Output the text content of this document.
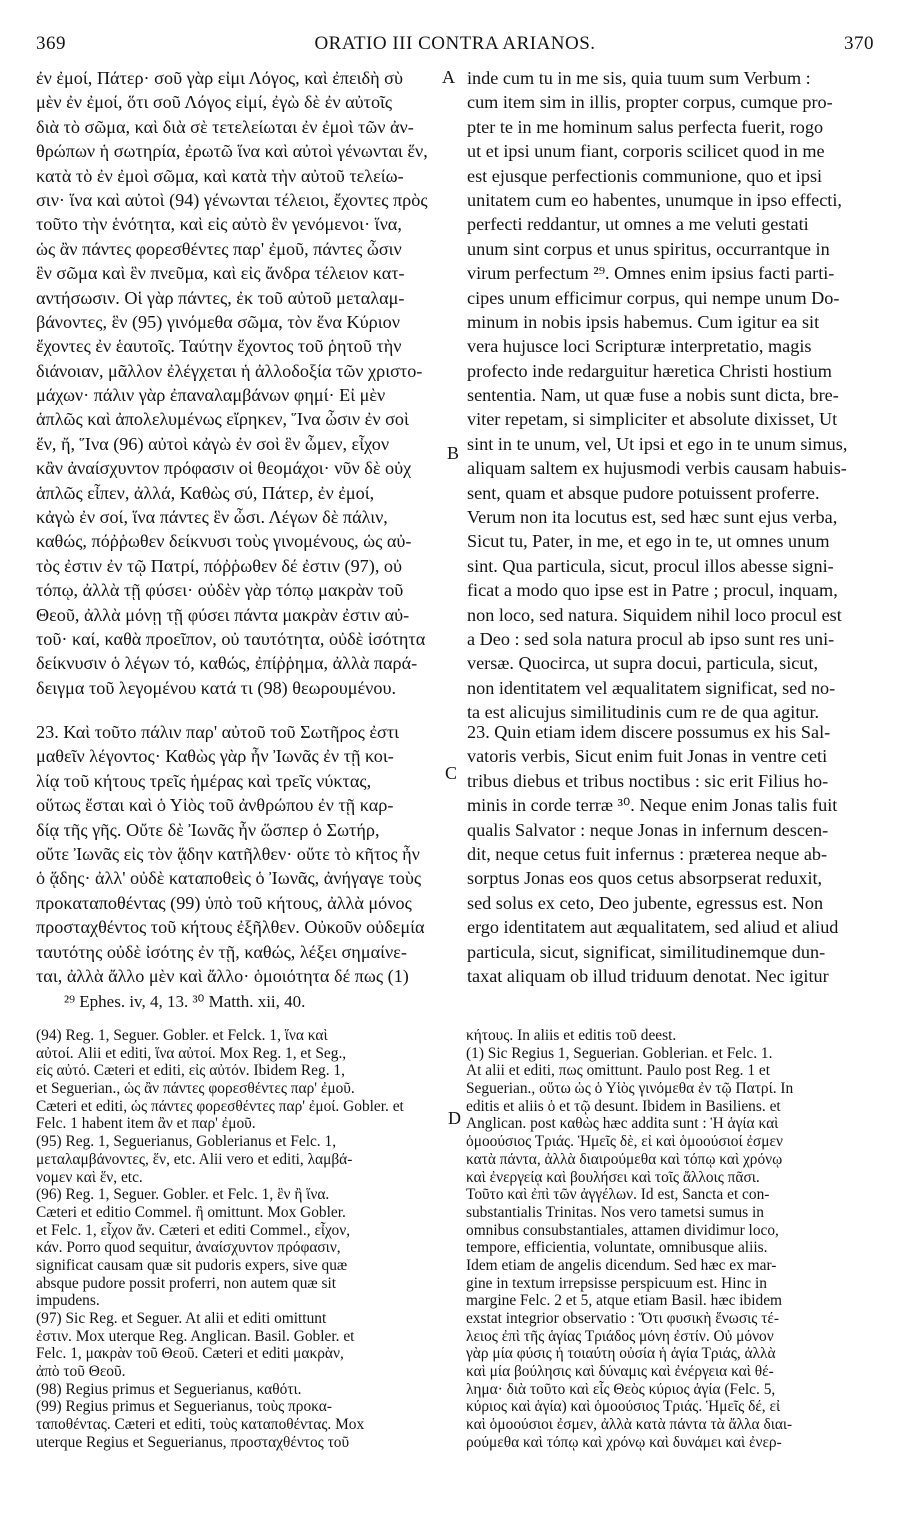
369	ORATIO III CONTRA ARIANOS.	370
ἐν ἐμοί, Πάτερ· σοῦ γὰρ εἰμι Λόγος, καὶ ἐπειδὴ σὺ
μὲν ἐν ἐμοί, ὅτι σοῦ Λόγος εἰμί, ἐγὼ δὲ ἐν αὐτοῖς
διὰ τὸ σῶμα, καὶ διὰ σὲ τετελείωται ἐν ἐμοὶ τῶν ἀν-
θρώπων ἡ σωτηρία, ἐρωτῶ ἵνα καὶ αὐτοὶ γένωνται ἕν,
κατὰ τὸ ἐν ἐμοὶ σῶμα, καὶ κατὰ τὴν αὐτοῦ τελείω-
σιν· ἵνα καὶ αὐτοὶ (94) γένωνται τέλειοι, ἔχοντες πρὸς
τοῦτο τὴν ἑνότητα, καὶ εἰς αὐτὸ ἓν γενόμενοι· ἵνα,
ὡς ἂν πάντες φορεσθέντες παρ' ἐμοῦ, πάντες ὦσιν
ἓν σῶμα καὶ ἓν πνεῦμα, καὶ εἰς ἄνδρα τέλειον κατ-
αντήσωσιν. Οἱ γὰρ πάντες, ἐκ τοῦ αὐτοῦ μεταλαμ-
βάνοντες, ἓν (95) γινόμεθα σῶμα, τὸν ἕνα Κύριον
ἔχοντες ἐν ἑαυτοῖς. Ταύτην ἔχοντος τοῦ ῥητοῦ τὴν
διάνοιαν, μᾶλλον ἐλέγχεται ἡ ἀλλοδοξία τῶν χριστο-
μάχων· πάλιν γὰρ ἐπαναλαμβάνων φημί· Εἰ μὲν
ἁπλῶς καὶ ἀπολελυμένως εἴρηκεν, Ἵνα ὦσιν ἐν σοὶ
ἕν, ἤ, Ἵνα (96) αὐτοὶ κἀγὼ ἐν σοὶ ἓν ὦμεν, εἶχον
κἂν ἀναίσχυντον πρόφασιν οἱ θεομάχοι· νῦν δὲ οὐχ
ἁπλῶς εἶπεν, ἀλλά, Καθὼς σύ, Πάτερ, ἐν ἐμοί,
κἀγὼ ἐν σοί, ἵνα πάντες ἓν ὦσι. Λέγων δὲ πάλιν,
καθώς, πόῤῥωθεν δείκνυσι τοὺς γινομένους, ὡς αὐ-
τὸς ἐστιν ἐν τῷ Πατρί, πόῤῥωθεν δέ ἐστιν (97), οὐ
τόπῳ, ἀλλὰ τῇ φύσει· οὐδὲν γὰρ τόπῳ μακρὰν τοῦ
Θεοῦ, ἀλλὰ μόνῃ τῇ φύσει πάντα μακρὰν ἐστιν αὐ-
τοῦ· καί, καθὰ προεῖπον, οὐ ταυτότητα, οὐδὲ ἰσότητα
δείκνυσιν ὁ λέγων τό, καθώς, ἐπίῤῥημα, ἀλλὰ παρά-
δειγμα τοῦ λεγομένου κατά τι (98) θεωρουμένου.
inde cum tu in me sis, quia tuum sum Verbum :
cum item sim in illis, propter corpus, cumque pro-
pter te in me hominum salus perfecta fuerit, rogo
ut et ipsi unum fiant, corporis scilicet quod in me
est ejusque perfectionis communione, quo et ipsi
unitatem cum eo habentes, unumque in ipso effecti,
perfecti reddantur, ut omnes a me veluti gestati
unum sint corpus et unus spiritus, occurrantque in
virum perfectum ²⁹. Omnes enim ipsius facti parti-
cipes unum efficimur corpus, qui nempe unum Do-
minum in nobis ipsis habemus. Cum igitur ea sit
vera hujusce loci Scripturæ interpretatio, magis
profecto inde redarguitur hæretica Christi hostium
sententia. Nam, ut quæ fuse a nobis sunt dicta, bre-
viter repetam, si simpliciter et absolute dixisset, Ut
sint in te unum, vel, Ut ipsi et ego in te unum simus,
aliquam saltem ex hujusmodi verbis causam habuis-
sent, quam et absque pudore potuissent proferre.
Verum non ita locutus est, sed hæc sunt ejus verba,
Sicut tu, Pater, in me, et ego in te, ut omnes unum
sint. Qua particula, sicut, procul illos abesse signi-
ficat a modo quo ipse est in Patre ; procul, inquam,
non loco, sed natura. Siquidem nihil loco procul est
a Deo : sed sola natura procul ab ipso sunt res uni-
versæ. Quocirca, ut supra docui, particula, sicut,
non identitatem vel æqualitatem significat, sed no-
ta est alicujus similitudinis cum re de qua agitur.
23. Καὶ τοῦτο πάλιν παρ' αὐτοῦ τοῦ Σωτῆρος ἐστι
μαθεῖν λέγοντος· Καθὼς γὰρ ἦν Ἰωνᾶς ἐν τῇ κοι-
λίᾳ τοῦ κήτους τρεῖς ἡμέρας καὶ τρεῖς νύκτας,
οὕτως ἔσται καὶ ὁ Υἱὸς τοῦ ἀνθρώπου ἐν τῇ καρ-
δίᾳ τῆς γῆς. Οὔτε δὲ Ἰωνᾶς ἦν ὥσπερ ὁ Σωτήρ,
οὔτε Ἰωνᾶς εἰς τὸν ᾅδην κατῆλθεν· οὔτε τὸ κῆτος ἦν
ὁ ᾅδης· ἀλλ' οὐδὲ καταποθεὶς ὁ Ἰωνᾶς, ἀνήγαγε τοὺς
προκαταποθέντας (99) ὑπὸ τοῦ κήτους, ἀλλὰ μόνος
προσταχθέντος τοῦ κήτους ἐξῆλθεν. Οὐκοῦν οὐδεμία
ταυτότης οὐδὲ ἰσότης ἐν τῇ, καθώς, λέξει σημαίνε-
ται, ἀλλὰ ἄλλο μὲν καὶ ἄλλο· ὁμοιότητα δέ πως (1)
23. Quin etiam idem discere possumus ex his Sal-
vatoris verbis, Sicut enim fuit Jonas in ventre ceti
tribus diebus et tribus noctibus : sic erit Filius ho-
minis in corde terræ ³⁰. Neque enim Jonas talis fuit
qualis Salvator : neque Jonas in infernum descen-
dit, neque cetus fuit infernus : præterea neque ab-
sorptus Jonas eos quos cetus absorpserat reduxit,
sed solus ex ceto, Deo jubente, egressus est. Non
ergo identitatem aut æqualitatem, sed aliud et aliud
particula, sicut, significat, similitudinemque dun-
taxat aliquam ob illud triduum denotat. Nec igitur
A
B
C
D
²⁹ Ephes. iv, 4, 13. ³⁰ Matth. xii, 40.
(94) Reg. 1, Seguer. Gobler. et Felck. 1, ἵνα καὶ
αὐτοί. Alii et editi, ἵνα αὐτοί. Mox Reg. 1, et Seg.,
εἰς αὐτό. Cæteri et editi, εἰς αὐτόν. Ibidem Reg. 1,
et Seguerian., ὡς ἂν πάντες φορεσθέντες παρ' ἐμοῦ.
Cæteri et editi, ὡς πάντες φορεσθέντες παρ' ἐμοί. Gobler. et
Felc. 1 habent item ἂν et παρ' ἐμοῦ.
(95) Reg. 1, Seguerianus, Goblerianus et Felc. 1,
μεταλαμβάνοντες, ἕν, etc. Alii vero et editi, λαμβά-
νομεν καὶ ἕν, etc.
(96) Reg. 1, Seguer. Gobler. et Felc. 1, ἓν ἢ ἵνα.
Cæteri et editio Commel. ἢ omittunt. Mox Gobler.
et Felc. 1, εἶχον ἄν. Cæteri et editi Commel., εἶχον,
κάν. Porro quod sequitur, ἀναίσχυντον πρόφασιν,
significat causam quæ sit pudoris expers, sive quæ
absque pudore possit proferri, non autem quæ sit
impudens.
(97) Sic Reg. et Seguer. At alii et editi omittunt
ἐστιν. Mox uterque Reg. Anglican. Basil. Gobler. et
Felc. 1, μακρὰν τοῦ Θεοῦ. Cæteri et editi μακρὰν,
ἀπὸ τοῦ Θεοῦ.
(98) Regius primus et Seguerianus, καθότι.
(99) Regius primus et Seguerianus, τοὺς προκα-
ταποθέντας. Cæteri et editi, τοὺς καταποθέντας. Mox
uterque Regius et Seguerianus, προσταχθέντος τοῦ
κήτους. In aliis et editis τοῦ deest.
(1) Sic Regius 1, Seguerian. Goblerian. et Felc. 1.
At alii et editi, πως omittunt. Paulo post Reg. 1 et
Seguerian., οὕτω ὡς ὁ Υἱὸς γινόμεθα ἐν τῷ Πατρί. In
editis et aliis ὁ et τῷ desunt. Ibidem in Basiliens. et
Anglican. post καθὼς hæc addita sunt : Ἡ ἁγία καὶ
ὁμοούσιος Τριάς. Ἡμεῖς δὲ, εἰ καὶ ὁμοούσιοί ἐσμεν
κατὰ πάντα, ἀλλὰ διαιρούμεθα καὶ τόπῳ καὶ χρόνῳ
καὶ ἐνεργείᾳ καὶ βουλήσει καὶ τοῖς ἄλλοις πᾶσι.
Τοῦτο καὶ ἐπὶ τῶν ἀγγέλων. Id est, Sancta et con-
substantialis Trinitas. Nos vero tametsi sumus in
omnibus consubstantiales, attamen dividimur loco,
tempore, efficientia, voluntate, omnibusque aliis.
Idem etiam de angelis dicendum. Sed hæc ex mar-
gine in textum irrepsisse perspicuum est. Hinc in
margine Felc. 2 et 5, atque etiam Basil. hæc ibidem
exstat integrior observatio : Ὅτι φυσικὴ ἕνωσις τέ-
λειος ἐπὶ τῆς ἁγίας Τριάδος μόνη ἐστίν. Οὐ μόνον
γὰρ μία φύσις ἡ τοιαύτη οὐσία ἡ ἁγία Τριάς, ἀλλὰ
καὶ μία βούλησις καὶ δύναμις καὶ ἐνέργεια καὶ θέ-
λημα· διὰ τοῦτο καὶ εἷς Θεὸς κύριος ἁγία (Felc. 5,
κύριος καὶ ἁγία) καὶ ὁμοούσιος Τριάς. Ἡμεῖς δέ, εἰ
καὶ ὁμοούσιοι ἐσμεν, ἀλλὰ κατὰ πάντα τὰ ἄλλα διαι-
ρούμεθα καὶ τόπῳ καὶ χρόνῳ καὶ δυνάμει καὶ ἐνερ-
